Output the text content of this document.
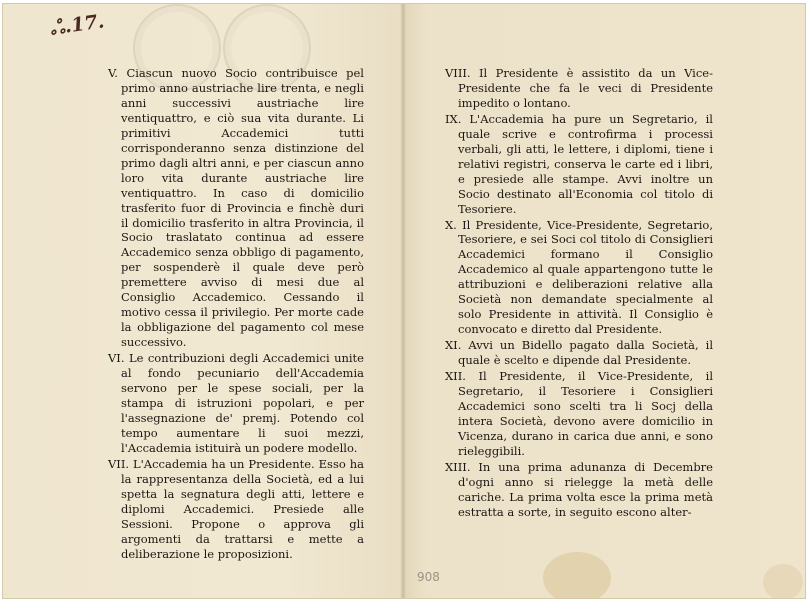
ஃ.17.

V. Ciascun nuovo Socio contribuisce pel primo anno austriache lire trenta, e negli anni successivi austriache lire ventiquattro, e ciò sua vita durante. Li primitivi Accademici tutti corrisponderanno senza distinzione del primo dagli altri anni, e per ciascun anno loro vita durante austriache lire ventiquattro. In caso di domicilio trasferito fuor di Provincia e finchè duri il domicilio trasferito in altra Provincia, il Socio traslatato continua ad essere Accademico senza obbligo di pagamento, per sospenderè il quale deve però premettere avviso di mesi due al Consiglio Accademico. Cessando il motivo cessa il privilegio. Per morte cade la obbligazione del pagamento col mese successivo.

VI. Le contribuzioni degli Accademici unite al fondo pecuniario dell'Accademia servono per le spese sociali, per la stampa di istruzioni popolari, e per l'assegnazione de' premj. Potendo col tempo aumentare li suoi mezzi, l'Accademia istituirà un podere modello.

VII. L'Accademia ha un Presidente. Esso ha la rappresentanza della Società, ed a lui spetta la segnatura degli atti, lettere e diplomi Accademici. Presiede alle Sessioni. Propone o approva gli argomenti da trattarsi e mette a deliberazione le proposizioni.

VIII. Il Presidente è assistito da un Vice-Presidente che fa le veci di Presidente impedito o lontano.

IX. L'Accademia ha pure un Segretario, il quale scrive e controfirma i processi verbali, gli atti, le lettere, i diplomi, tiene i relativi registri, conserva le carte ed i libri, e presiede alle stampe. Avvi inoltre un Socio destinato all'Economia col titolo di Tesoriere.

X. Il Presidente, Vice-Presidente, Segretario, Tesoriere, e sei Soci col titolo di Consiglieri Accademici formano il Consiglio Accademico al quale appartengono tutte le attribuzioni e deliberazioni relative alla Società non demandate specialmente al solo Presidente in attività. Il Consiglio è convocato e diretto dal Presidente.

XI. Avvi un Bidello pagato dalla Società, il quale è scelto e dipende dal Presidente.

XII. Il Presidente, il Vice-Presidente, il Segretario, il Tesoriere i Consiglieri Accademici sono scelti tra li Socj della intera Società, devono avere domicilio in Vicenza, durano in carica due anni, e sono rieleggibili.

XIII. In una prima adunanza di Decembre d'ogni anno si rielegge la metà delle cariche. La prima volta esce la prima metà estratta a sorte, in seguito escono alter-

908
